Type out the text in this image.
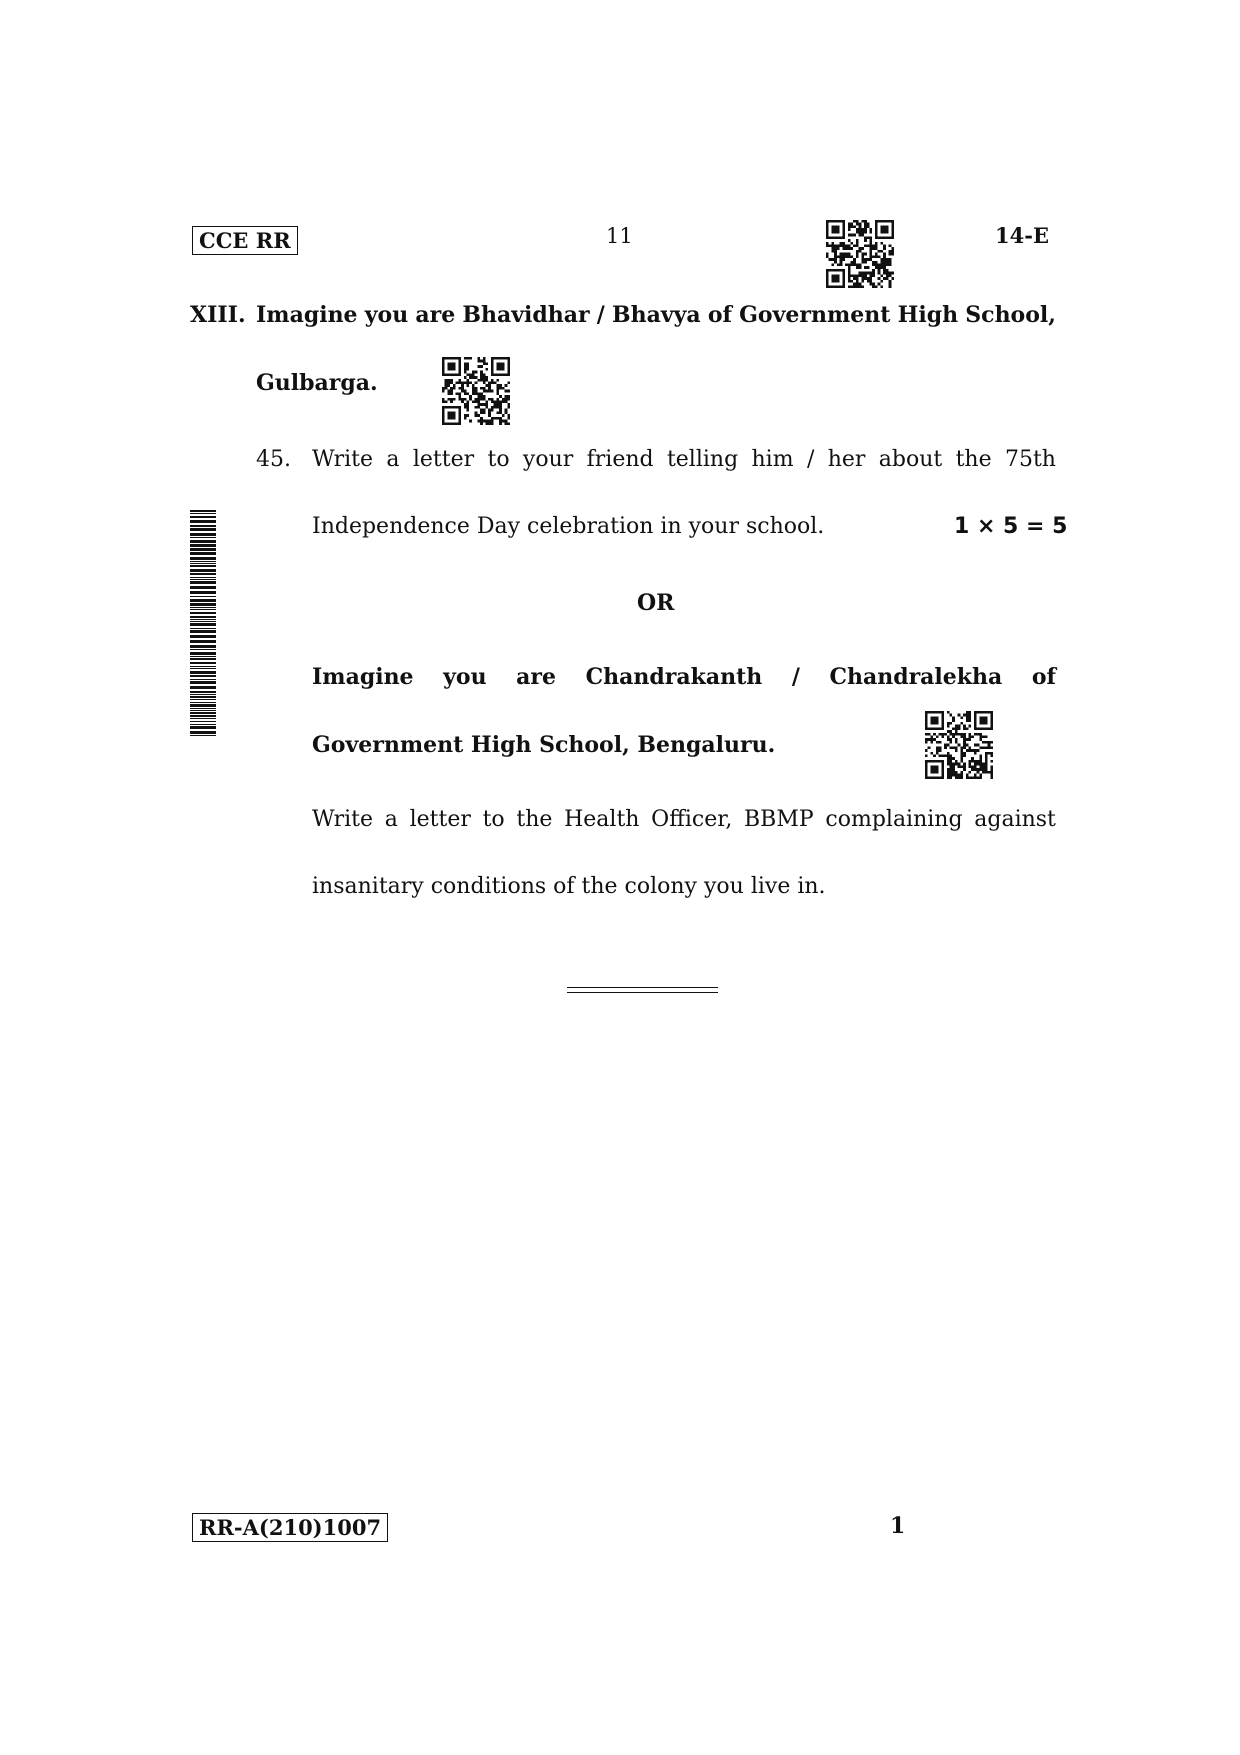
CCE RR	11	14-E
XIII. Imagine you are Bhavidhar / Bhavya of Government High School,
Gulbarga.
45. Write a letter to your friend telling him / her about the 75th
Independence Day celebration in your school.	1 × 5 = 5
OR
Imagine you are Chandrakanth / Chandralekha of
Government High School, Bengaluru.
Write a letter to the Health Officer, BBMP complaining against
insanitary conditions of the colony you live in.
RR-A(210)1007	1
